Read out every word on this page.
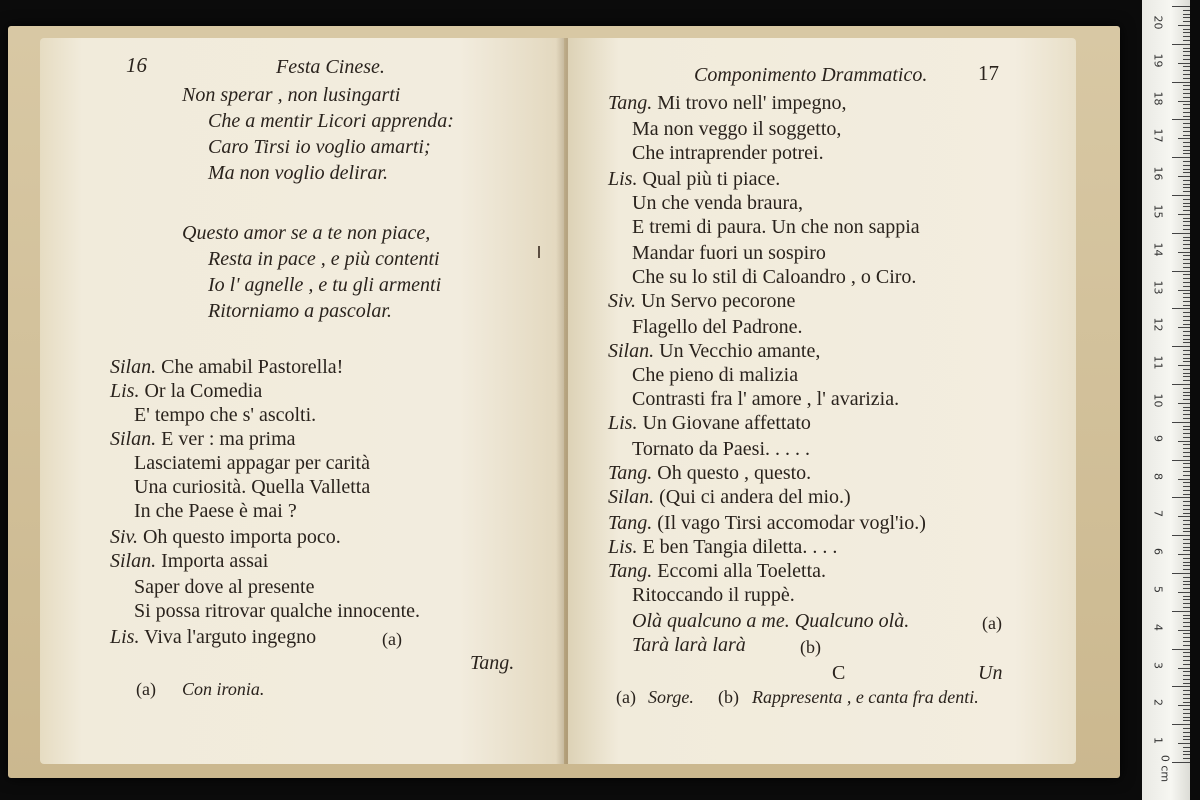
16	Festa Cinese.
Non sperar , non lusingarti
Che a mentir Licori apprenda:
Caro Tirsi io voglio amarti;
Ma non voglio delirar.
Questo amor se a te non piace,
Resta in pace , e più contenti
Io l' agnelle , e tu gli armenti
Ritorniamo a pascolar.
Silan. Che amabil Pastorella!
Lis. Or la Comedia
E' tempo che s' ascolti.
Silan. E ver : ma prima
Lasciatemi appagar per carità
Una curiosità. Quella Valletta
In che Paese è mai ?
Siv. Oh questo importa poco.
Silan. Importa assai
Saper dove al presente
Si possa ritrovar qualche innocente.
Lis. Viva l'arguto ingegno	(a)
Tang.
(a) Con ironia.
Componimento Drammatico. 17
Tang. Mi trovo nell' impegno,
Ma non veggo il soggetto,
Che intraprender potrei.
Lis. Qual più ti piace.
Un che venda braura,
E tremi di paura. Un che non sappia
Mandar fuori un sospiro
Che su lo stil di Caloandro , o Ciro.
Siv. Un Servo pecorone
Flagello del Padrone.
Silan. Un Vecchio amante,
Che pieno di malizia
Contrasti fra l' amore , l' avarizia.
Lis. Un Giovane affettato
Tornato da Paesi. . . . .
Tang. Oh questo , questo.
Silan. (Qui ci andera del mio.)
Tang. (Il vago Tirsi accomodar vogl'io.)
Lis. E ben Tangia diletta. . . .
Tang. Eccomi alla Toeletta.
Ritoccando il ruppè.
Olà qualcuno a me. Qualcuno olà.	(a)
Tarà larà larà	(b)
C	Un
(a) Sorge. (b) Rappresenta , e canta fra denti.
20
19
18
17
16
15
14
13
12
11
10
9
8
7
6
5
4
3
2
1
0 cm
